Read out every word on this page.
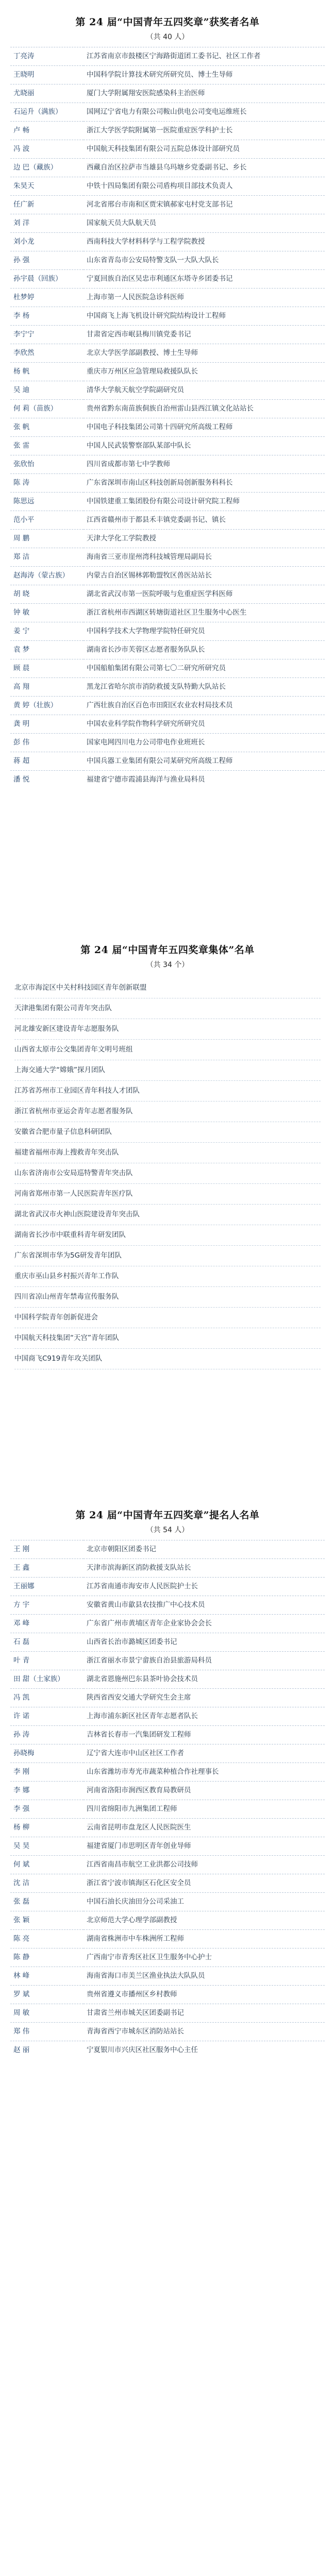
第 24 届“中国青年五四奖章”获奖者名单
（共 40 人）
丁亮涛	江苏省南京市鼓楼区宁海路街道团工委书记、社区工作者
王晓明	中国科学院计算技术研究所研究员、博士生导师
尤晓丽	厦门大学附属翔安医院感染科主治医师
石运升（满族）	国网辽宁省电力有限公司鞍山供电公司变电运维班长
卢 畅	浙江大学医学院附属第一医院重症医学科护士长
冯 波	中国航天科技集团有限公司五院总体设计部研究员
边 巴（藏族）	西藏自治区拉萨市当雄县乌玛塘乡党委副书记、乡长
朱昊天	中铁十四局集团有限公司盾构项目部技术负责人
任广新	河北省邢台市南和区贾宋镇郝家屯村党支部书记
刘 洋	国家航天员大队航天员
刘小龙	西南科技大学材料科学与工程学院教授
孙 强	山东省青岛市公安局特警支队一大队大队长
孙宇晨（回族）	宁夏回族自治区吴忠市利通区东塔寺乡团委书记
杜梦婷	上海市第一人民医院急诊科医师
李 杨	中国商飞上海飞机设计研究院结构设计工程师
李宁宁	甘肃省定西市岷县梅川镇党委书记
李欣然	北京大学医学部副教授、博士生导师
杨 帆	重庆市万州区应急管理局救援队队长
吴 迪	清华大学航天航空学院副研究员
何 莉（苗族）	贵州省黔东南苗族侗族自治州雷山县西江镇文化站站长
张 帆	中国电子科技集团公司第十四研究所高级工程师
张 雷	中国人民武装警察部队某部中队长
张欣怡	四川省成都市第七中学教师
陈 涛	广东省深圳市南山区科技创新局创新服务科科长
陈思远	中国铁建重工集团股份有限公司设计研究院工程师
范小平	江西省赣州市于都县禾丰镇党委副书记、镇长
周 鹏	天津大学化工学院教授
郑 洁	海南省三亚市崖州湾科技城管理局副局长
赵海涛（蒙古族）	内蒙古自治区锡林郭勒盟牧区兽医站站长
胡 晓	湖北省武汉市第一医院呼吸与危重症医学科医师
钟 敏	浙江省杭州市西湖区转塘街道社区卫生服务中心医生
姜 宁	中国科学技术大学物理学院特任研究员
袁 梦	湖南省长沙市芙蓉区志愿者服务队队长
顾 晨	中国船舶集团有限公司第七〇二研究所研究员
高 翔	黑龙江省哈尔滨市消防救援支队特勤大队站长
黄 婷（壮族）	广西壮族自治区百色市田阳区农业农村局技术员
龚 明	中国农业科学院作物科学研究所研究员
彭 伟	国家电网四川电力公司带电作业班班长
蒋 超	中国兵器工业集团有限公司某研究所高级工程师
潘 悦	福建省宁德市霞浦县海洋与渔业局科员
第 24 届“中国青年五四奖章集体”名单
（共 34 个）

北京市海淀区中关村科技园区青年创新联盟

天津港集团有限公司青年突击队

河北雄安新区建设青年志愿服务队

山西省太原市公交集团青年文明号班组

上海交通大学“嫦娥”探月团队

江苏省苏州市工业园区青年科技人才团队

浙江省杭州市亚运会青年志愿者服务队

安徽省合肥市量子信息科研团队

福建省福州市海上搜救青年突击队

山东省济南市公安局巡特警青年突击队

河南省郑州市第一人民医院青年医疗队

湖北省武汉市火神山医院建设青年突击队

湖南省长沙市中联重科青年研发团队

广东省深圳市华为5G研发青年团队

重庆市巫山县乡村振兴青年工作队

四川省凉山州青年禁毒宣传服务队

中国科学院青年创新促进会

中国航天科技集团“天宫”青年团队

中国商飞C919青年攻关团队

第 24 届“中国青年五四奖章”提名人名单
（共 54 人）
王 刚	北京市朝阳区团委书记
王 鑫	天津市滨海新区消防救援支队站长
王丽娜	江苏省南通市海安市人民医院护士长
方 宇	安徽省黄山市歙县农技推广中心技术员
邓 峰	广东省广州市黄埔区青年企业家协会会长
石 磊	山西省长治市潞城区团委书记
叶 青	浙江省丽水市景宁畲族自治县旅游局科员
田 甜（土家族）	湖北省恩施州巴东县茶叶协会技术员
冯 凯	陕西省西安交通大学研究生会主席
许 诺	上海市浦东新区社区青年志愿者队长
孙 涛	吉林省长春市一汽集团研发工程师
孙晓梅	辽宁省大连市中山区社区工作者
李 刚	山东省潍坊市寿光市蔬菜种植合作社理事长
李 娜	河南省洛阳市涧西区教育局教研员
李 强	四川省绵阳市九洲集团工程师
杨 柳	云南省昆明市盘龙区人民医院医生
吴 昊	福建省厦门市思明区青年创业导师
何 斌	江西省南昌市航空工业洪都公司技师
沈 洁	浙江省宁波市镇海区石化区安全员
张 磊	中国石油长庆油田分公司采油工
张 颖	北京师范大学心理学部副教授
陈 亮	湖南省株洲市中车株洲所工程师
陈 静	广西南宁市青秀区社区卫生服务中心护士
林 峰	海南省海口市美兰区渔业执法大队队员
罗 斌	贵州省遵义市播州区乡村教师
周 敏	甘肃省兰州市城关区团委副书记
郑 伟	青海省西宁市城东区消防站站长
赵 丽	宁夏银川市兴庆区社区服务中心主任
